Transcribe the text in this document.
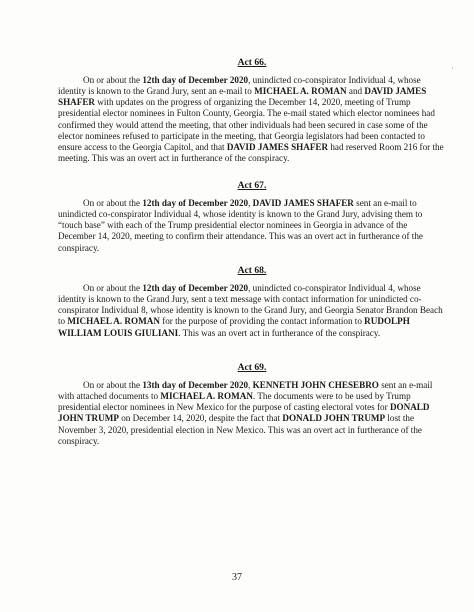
Act 66.

On or about the 12th day of December 2020, unindicted co-conspirator Individual 4, whose identity is known to the Grand Jury, sent an e-mail to MICHAEL A. ROMAN and DAVID JAMES SHAFER with updates on the progress of organizing the December 14, 2020, meeting of Trump presidential elector nominees in Fulton County, Georgia. The e-mail stated which elector nominees had confirmed they would attend the meeting, that other individuals had been secured in case some of the elector nominees refused to participate in the meeting, that Georgia legislators had been contacted to ensure access to the Georgia Capitol, and that DAVID JAMES SHAFER had reserved Room 216 for the meeting. This was an overt act in furtherance of the conspiracy.

Act 67.

On or about the 12th day of December 2020, DAVID JAMES SHAFER sent an e-mail to unindicted co-conspirator Individual 4, whose identity is known to the Grand Jury, advising them to “touch base” with each of the Trump presidential elector nominees in Georgia in advance of the December 14, 2020, meeting to confirm their attendance. This was an overt act in furtherance of the conspiracy.

Act 68.

On or about the 12th day of December 2020, unindicted co-conspirator Individual 4, whose identity is known to the Grand Jury, sent a text message with contact information for unindicted co-conspirator Individual 8, whose identity is known to the Grand Jury, and Georgia Senator Brandon Beach to MICHAEL A. ROMAN for the purpose of providing the contact information to RUDOLPH WILLIAM LOUIS GIULIANI. This was an overt act in furtherance of the conspiracy.

Act 69.

On or about the 13th day of December 2020, KENNETH JOHN CHESEBRO sent an e-mail with attached documents to MICHAEL A. ROMAN. The documents were to be used by Trump presidential elector nominees in New Mexico for the purpose of casting electoral votes for DONALD JOHN TRUMP on December 14, 2020, despite the fact that DONALD JOHN TRUMP lost the November 3, 2020, presidential election in New Mexico. This was an overt act in furtherance of the conspiracy.

'
37
